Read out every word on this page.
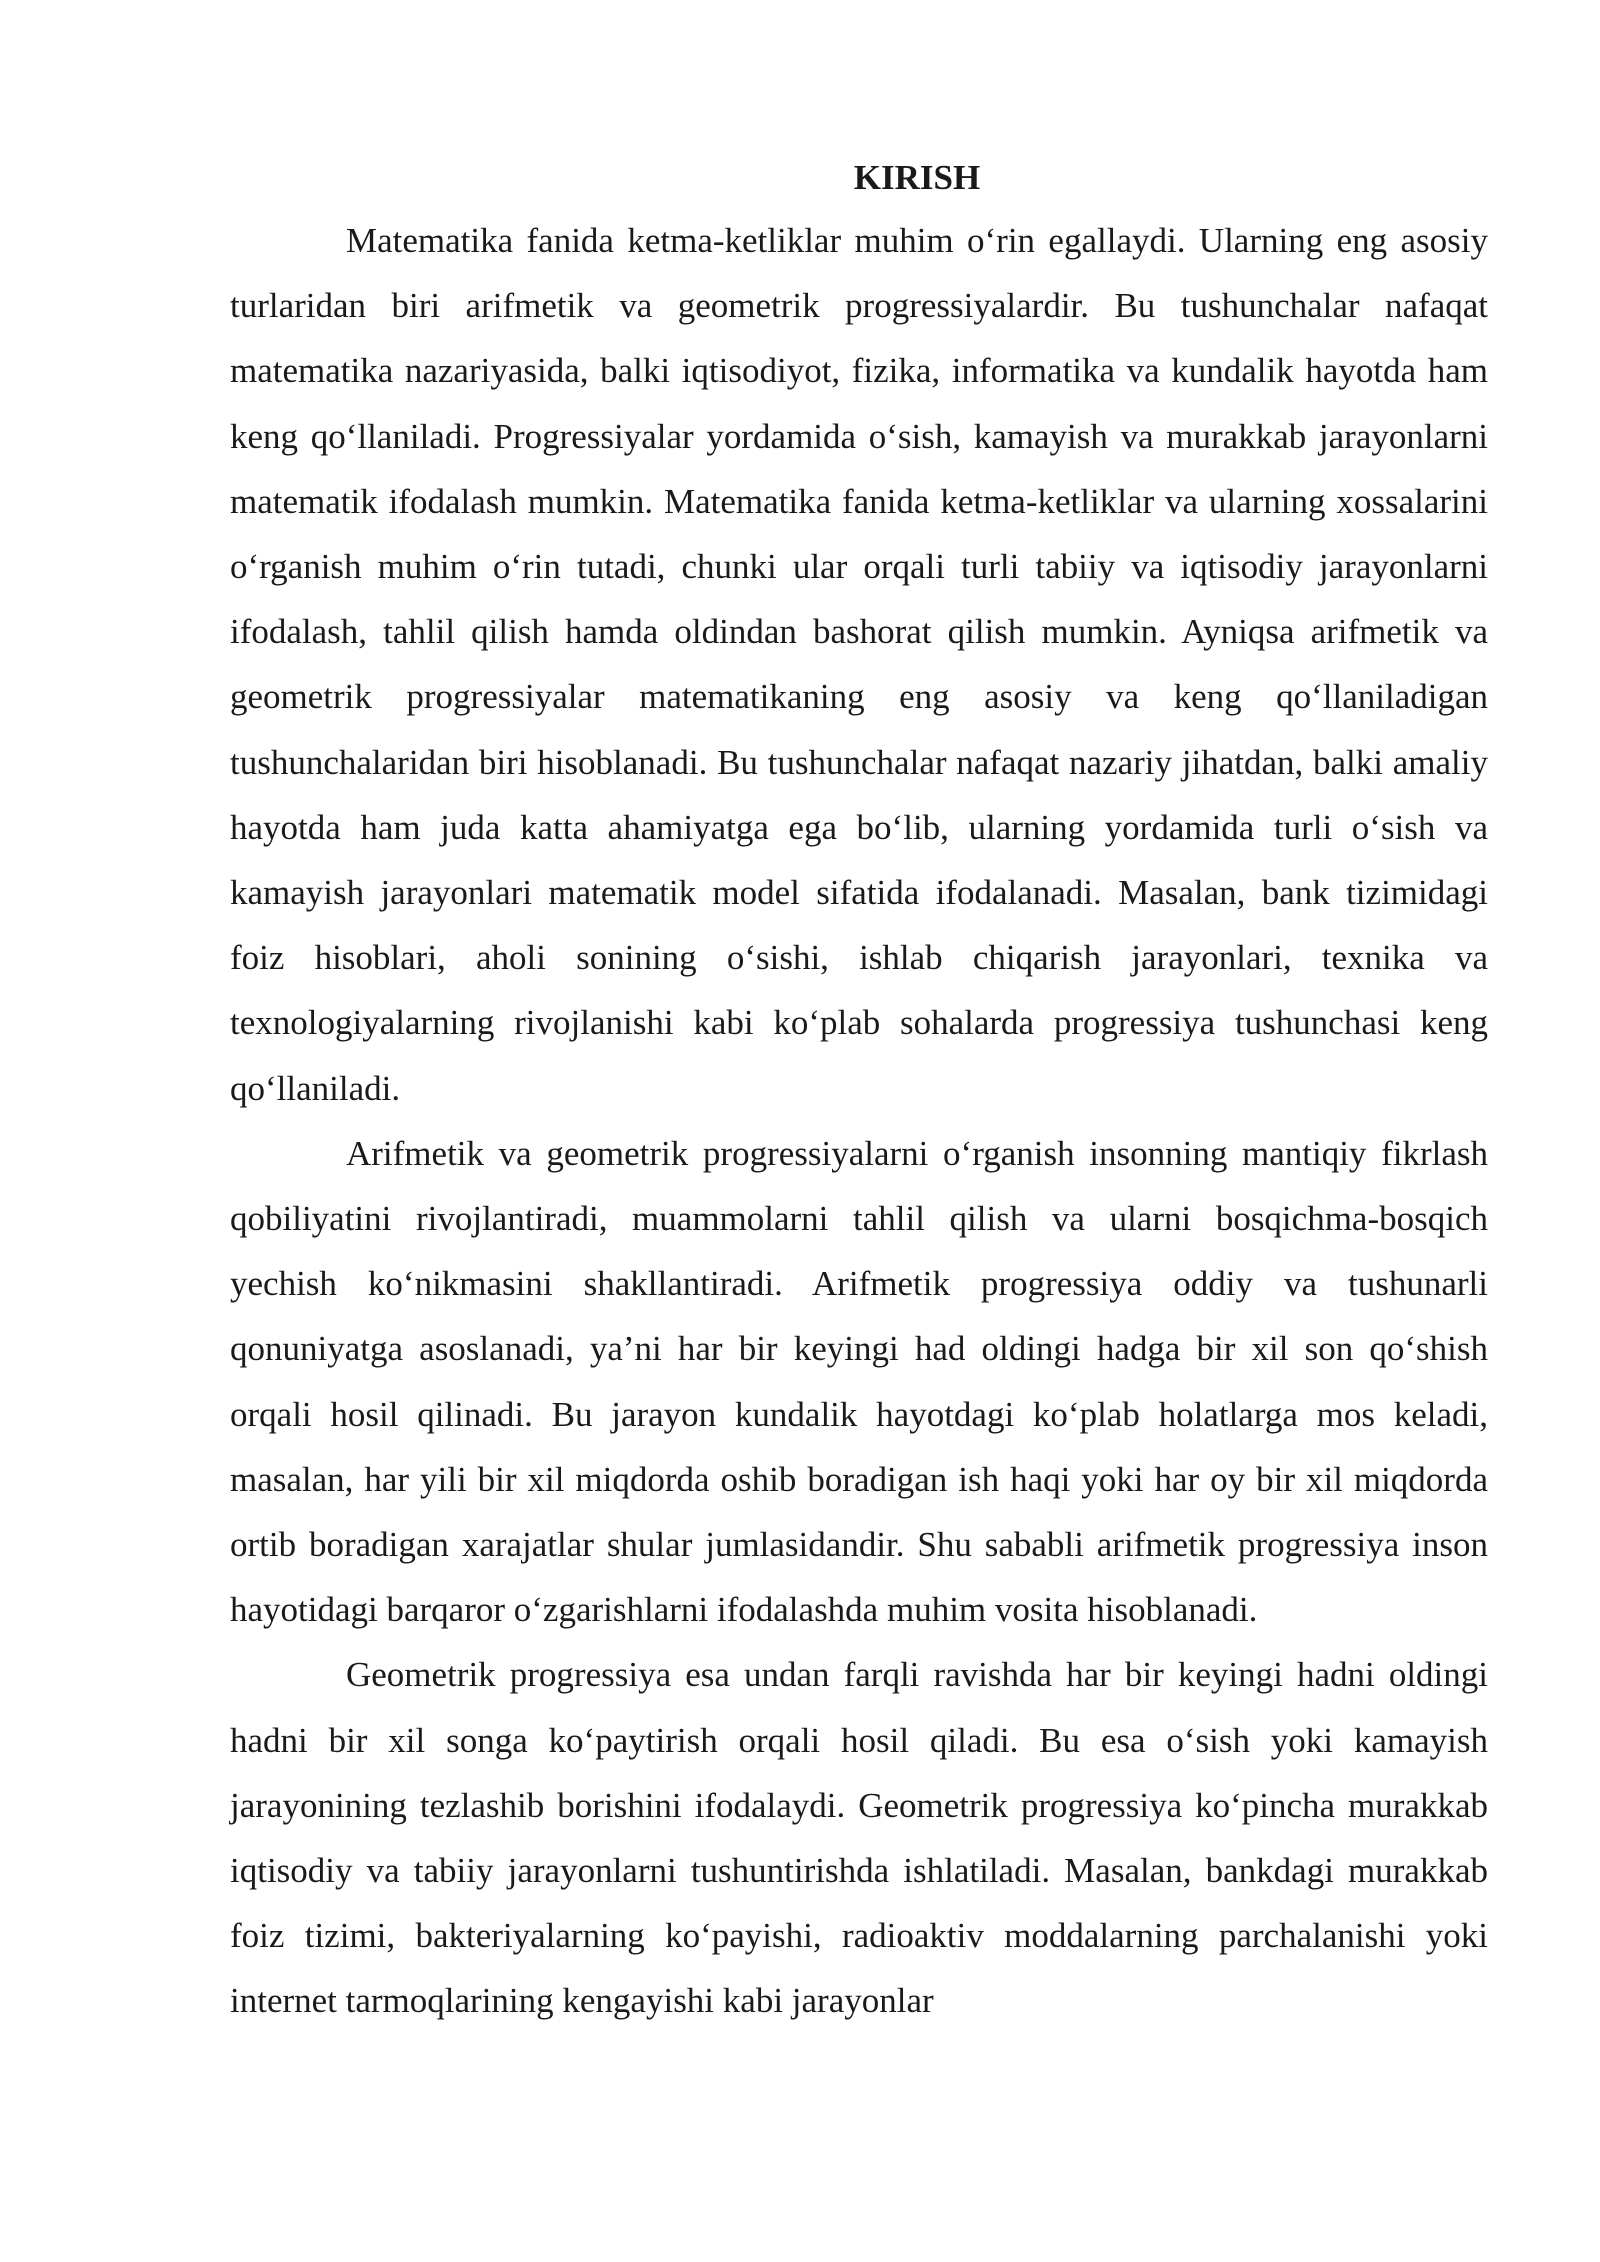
KIRISH

Matematika fanida ketma-ketliklar muhim o‘rin egallaydi. Ularning eng asosiy turlaridan biri arifmetik va geometrik progressiyalardir. Bu tushunchalar nafaqat matematika nazariyasida, balki iqtisodiyot, fizika, informatika va kundalik hayotda ham keng qo‘llaniladi. Progressiyalar yordamida o‘sish, kamayish va murakkab jarayonlarni matematik ifodalash mumkin. Matematika fanida ketma-ketliklar va ularning xossalarini o‘rganish muhim o‘rin tutadi, chunki ular orqali turli tabiiy va iqtisodiy jarayonlarni ifodalash, tahlil qilish hamda oldindan bashorat qilish mumkin. Ayniqsa arifmetik va geometrik progressiyalar matematikaning eng asosiy va keng qo‘llaniladigan tushunchalaridan biri hisoblanadi. Bu tushunchalar nafaqat nazariy jihatdan, balki amaliy hayotda ham juda katta ahamiyatga ega bo‘lib, ularning yordamida turli o‘sish va kamayish jarayonlari matematik model sifatida ifodalanadi. Masalan, bank tizimidagi foiz hisoblari, aholi sonining o‘sishi, ishlab chiqarish jarayonlari, texnika va texnologiyalarning rivojlanishi kabi ko‘plab sohalarda progressiya tushunchasi keng qo‘llaniladi.

Arifmetik va geometrik progressiyalarni o‘rganish insonning mantiqiy fikrlash qobiliyatini rivojlantiradi, muammolarni tahlil qilish va ularni bosqichma-bosqich yechish ko‘nikmasini shakllantiradi. Arifmetik progressiya oddiy va tushunarli qonuniyatga asoslanadi, ya’ni har bir keyingi had oldingi hadga bir xil son qo‘shish orqali hosil qilinadi. Bu jarayon kundalik hayotdagi ko‘plab holatlarga mos keladi, masalan, har yili bir xil miqdorda oshib boradigan ish haqi yoki har oy bir xil miqdorda ortib boradigan xarajatlar shular jumlasidandir. Shu sababli arifmetik progressiya inson hayotidagi barqaror o‘zgarishlarni ifodalashda muhim vosita hisoblanadi.

Geometrik progressiya esa undan farqli ravishda har bir keyingi hadni oldingi hadni bir xil songa ko‘paytirish orqali hosil qiladi. Bu esa o‘sish yoki kamayish jarayonining tezlashib borishini ifodalaydi. Geometrik progressiya ko‘pincha murakkab iqtisodiy va tabiiy jarayonlarni tushuntirishda ishlatiladi. Masalan, bankdagi murakkab foiz tizimi, bakteriyalarning ko‘payishi, radioaktiv moddalarning parchalanishi yoki internet tarmoqlarining kengayishi kabi jarayonlar
